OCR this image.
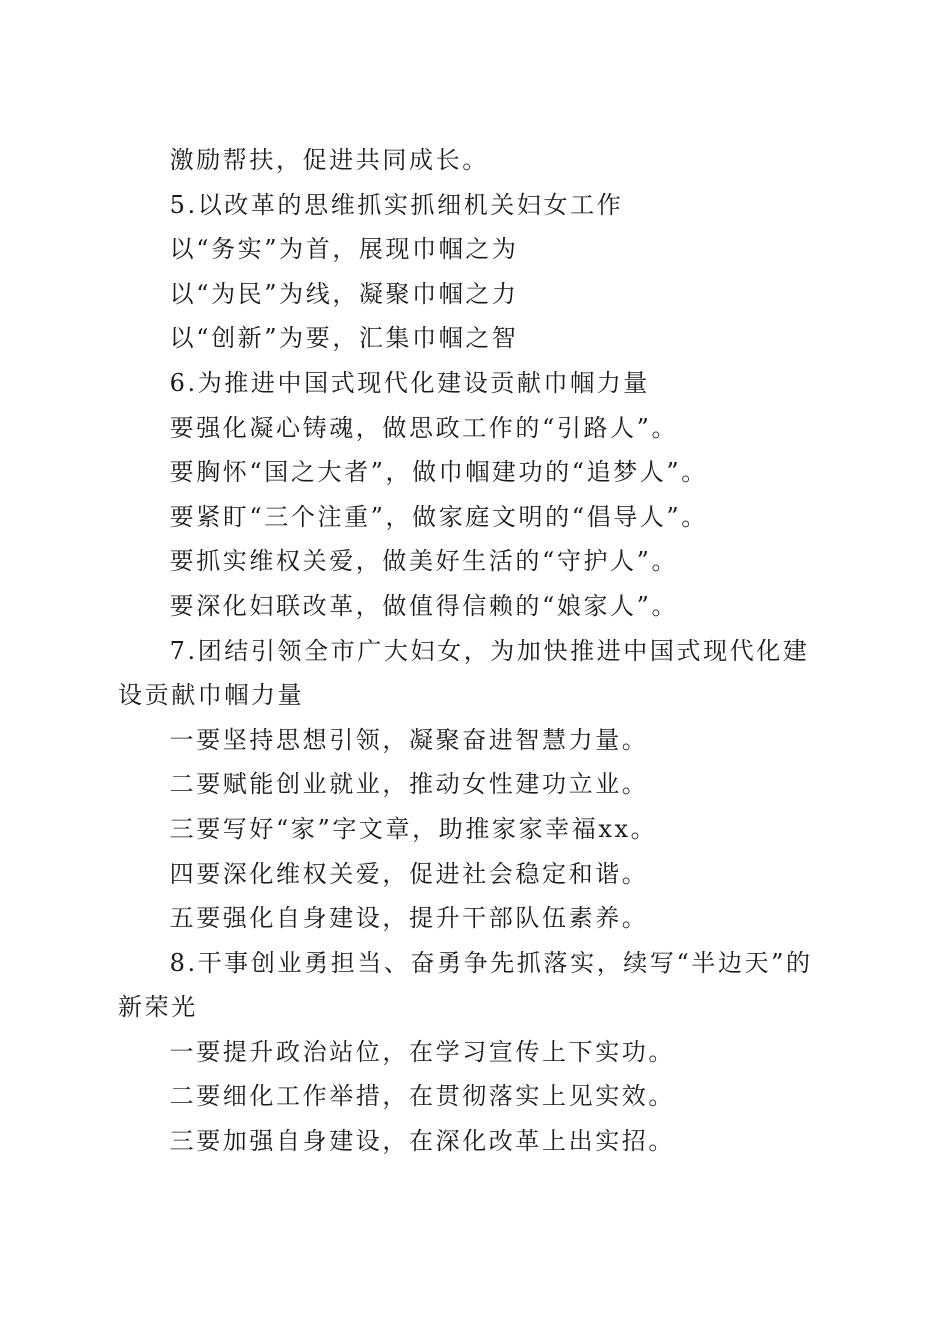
激励帮扶，促进共同成长。

5.以改革的思维抓实抓细机关妇女工作

以“务实”为首，展现巾帼之为

以“为民”为线，凝聚巾帼之力

以“创新”为要，汇集巾帼之智

6.为推进中国式现代化建设贡献巾帼力量

要强化凝心铸魂，做思政工作的“引路人”。

要胸怀“国之大者”，做巾帼建功的“追梦人”。

要紧盯“三个注重”，做家庭文明的“倡导人”。

要抓实维权关爱，做美好生活的“守护人”。

要深化妇联改革，做值得信赖的“娘家人”。

7.团结引领全市广大妇女，为加快推进中国式现代化建设贡献巾帼力量

一要坚持思想引领，凝聚奋进智慧力量。

二要赋能创业就业，推动女性建功立业。

三要写好“家”字文章，助推家家幸福xx。

四要深化维权关爱，促进社会稳定和谐。

五要强化自身建设，提升干部队伍素养。

8.干事创业勇担当、奋勇争先抓落实，续写“半边天”的新荣光

一要提升政治站位，在学习宣传上下实功。

二要细化工作举措，在贯彻落实上见实效。

三要加强自身建设，在深化改革上出实招。
